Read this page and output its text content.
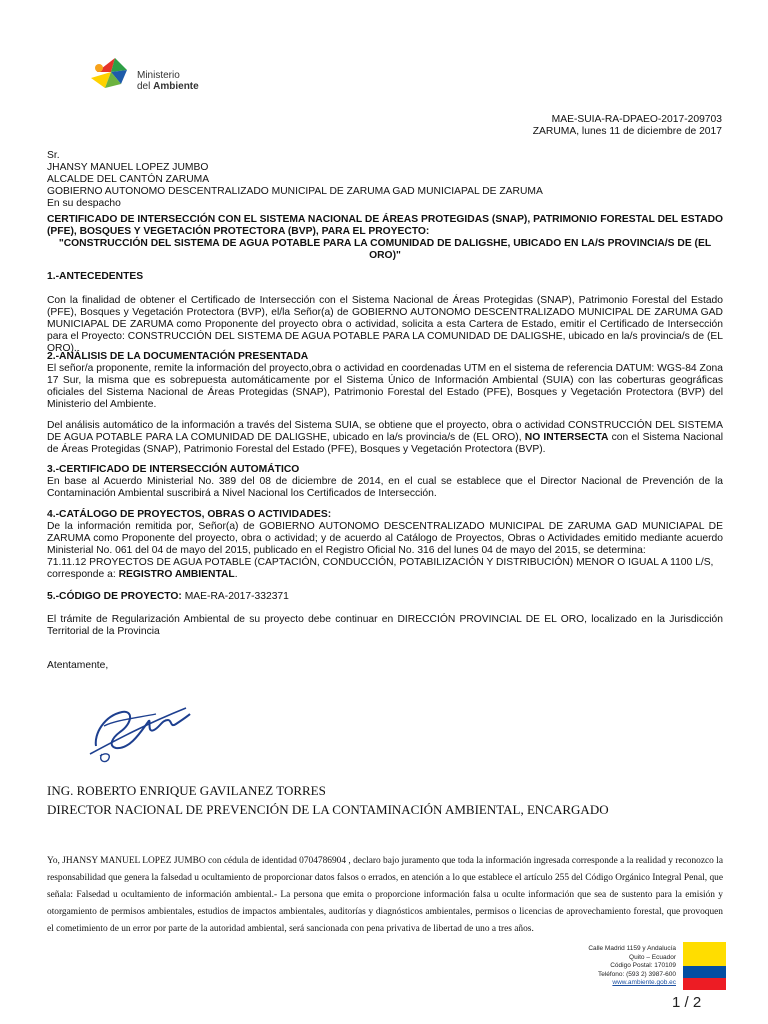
Ministerio
del Ambiente
MAE-SUIA-RA-DPAEO-2017-209703
ZARUMA, lunes 11 de diciembre de 2017
Sr.
JHANSY MANUEL LOPEZ JUMBO
ALCALDE DEL CANTÓN ZARUMA
GOBIERNO AUTONOMO DESCENTRALIZADO MUNICIPAL DE ZARUMA GAD MUNICIAPAL DE ZARUMA
En su despacho
CERTIFICADO DE INTERSECCIÓN CON EL SISTEMA NACIONAL DE ÁREAS PROTEGIDAS (SNAP), PATRIMONIO FORESTAL DEL ESTADO
(PFE), BOSQUES Y VEGETACIÓN PROTECTORA (BVP), PARA EL PROYECTO:
"CONSTRUCCIÓN DEL SISTEMA DE AGUA POTABLE PARA LA COMUNIDAD DE DALIGSHE, UBICADO EN LA/S PROVINCIA/S DE (EL
ORO)"
1.-ANTECEDENTES
Con la finalidad de obtener el Certificado de Intersección con el Sistema Nacional de Áreas Protegidas (SNAP), Patrimonio Forestal del Estado (PFE), Bosques y Vegetación Protectora (BVP), el/la Señor(a) de GOBIERNO AUTONOMO DESCENTRALIZADO MUNICIPAL DE ZARUMA GAD MUNICIAPAL DE ZARUMA como Proponente del proyecto obra o actividad, solicita a esta Cartera de Estado, emitir el Certificado de Intersección para el Proyecto: CONSTRUCCIÓN DEL SISTEMA DE AGUA POTABLE PARA LA COMUNIDAD DE DALIGSHE, ubicado en la/s provincia/s de (EL ORO).
2.-ANÁLISIS DE LA DOCUMENTACIÓN PRESENTADA
El señor/a proponente, remite la información del proyecto,obra o actividad en coordenadas UTM en el sistema de referencia DATUM: WGS-84 Zona 17 Sur, la misma que es sobrepuesta automáticamente por el Sistema Único de Información Ambiental (SUIA) con las coberturas geográficas oficiales del Sistema Nacional de Áreas Protegidas (SNAP), Patrimonio Forestal del Estado (PFE), Bosques y Vegetación Protectora (BVP) del Ministerio del Ambiente.
Del análisis automático de la información a través del Sistema SUIA, se obtiene que el proyecto, obra o actividad CONSTRUCCIÓN DEL SISTEMA DE AGUA POTABLE PARA LA COMUNIDAD DE DALIGSHE, ubicado en la/s provincia/s de (EL ORO), NO INTERSECTA con el Sistema Nacional de Áreas Protegidas (SNAP), Patrimonio Forestal del Estado (PFE), Bosques y Vegetación Protectora (BVP).
3.-CERTIFICADO DE INTERSECCIÓN AUTOMÁTICO
En base al Acuerdo Ministerial No. 389 del 08 de diciembre de 2014, en el cual se establece que el Director Nacional de Prevención de la Contaminación Ambiental suscribirá a Nivel Nacional los Certificados de Intersección.
4.-CATÁLOGO DE PROYECTOS, OBRAS O ACTIVIDADES:
De la información remitida por, Señor(a) de GOBIERNO AUTONOMO DESCENTRALIZADO MUNICIPAL DE ZARUMA GAD MUNICIAPAL DE ZARUMA como Proponente del proyecto, obra o actividad; y de acuerdo al Catálogo de Proyectos, Obras o Actividades emitido mediante acuerdo Ministerial No. 061 del 04 de mayo del 2015, publicado en el Registro Oficial No. 316 del lunes 04 de mayo del 2015, se determina:
71.11.12 PROYECTOS DE AGUA POTABLE (CAPTACIÓN, CONDUCCIÓN, POTABILIZACIÓN Y DISTRIBUCIÓN) MENOR O IGUAL A 1100 L/S,
corresponde a: REGISTRO AMBIENTAL.
5.-CÓDIGO DE PROYECTO: MAE-RA-2017-332371
El trámite de Regularización Ambiental de su proyecto debe continuar en DIRECCIÓN PROVINCIAL DE EL ORO, localizado en la Jurisdicción Territorial de la Provincia
Atentamente,
ING. ROBERTO ENRIQUE GAVILANEZ TORRES
DIRECTOR NACIONAL DE PREVENCIÓN DE LA CONTAMINACIÓN AMBIENTAL, ENCARGADO
Yo, JHANSY MANUEL LOPEZ JUMBO con cédula de identidad 0704786904 , declaro bajo juramento que toda la información ingresada corresponde a la realidad y reconozco la responsabilidad que genera la falsedad u ocultamiento de proporcionar datos falsos o errados, en atención a lo que establece el artículo 255 del Código Orgánico Integral Penal, que señala: Falsedad u ocultamiento de información ambiental.- La persona que emita o proporcione información falsa u oculte información que sea de sustento para la emisión y otorgamiento de permisos ambientales, estudios de impactos ambientales, auditorías y diagnósticos ambientales, permisos o licencias de aprovechamiento forestal, que provoquen el cometimiento de un error por parte de la autoridad ambiental, será sancionada con pena privativa de libertad de uno a tres años.
Calle Madrid 1159 y Andalucía
Quito – Ecuador
Código Postal: 170109
Teléfono: (593 2) 3987-600
www.ambiente.gob.ec
1 / 2
